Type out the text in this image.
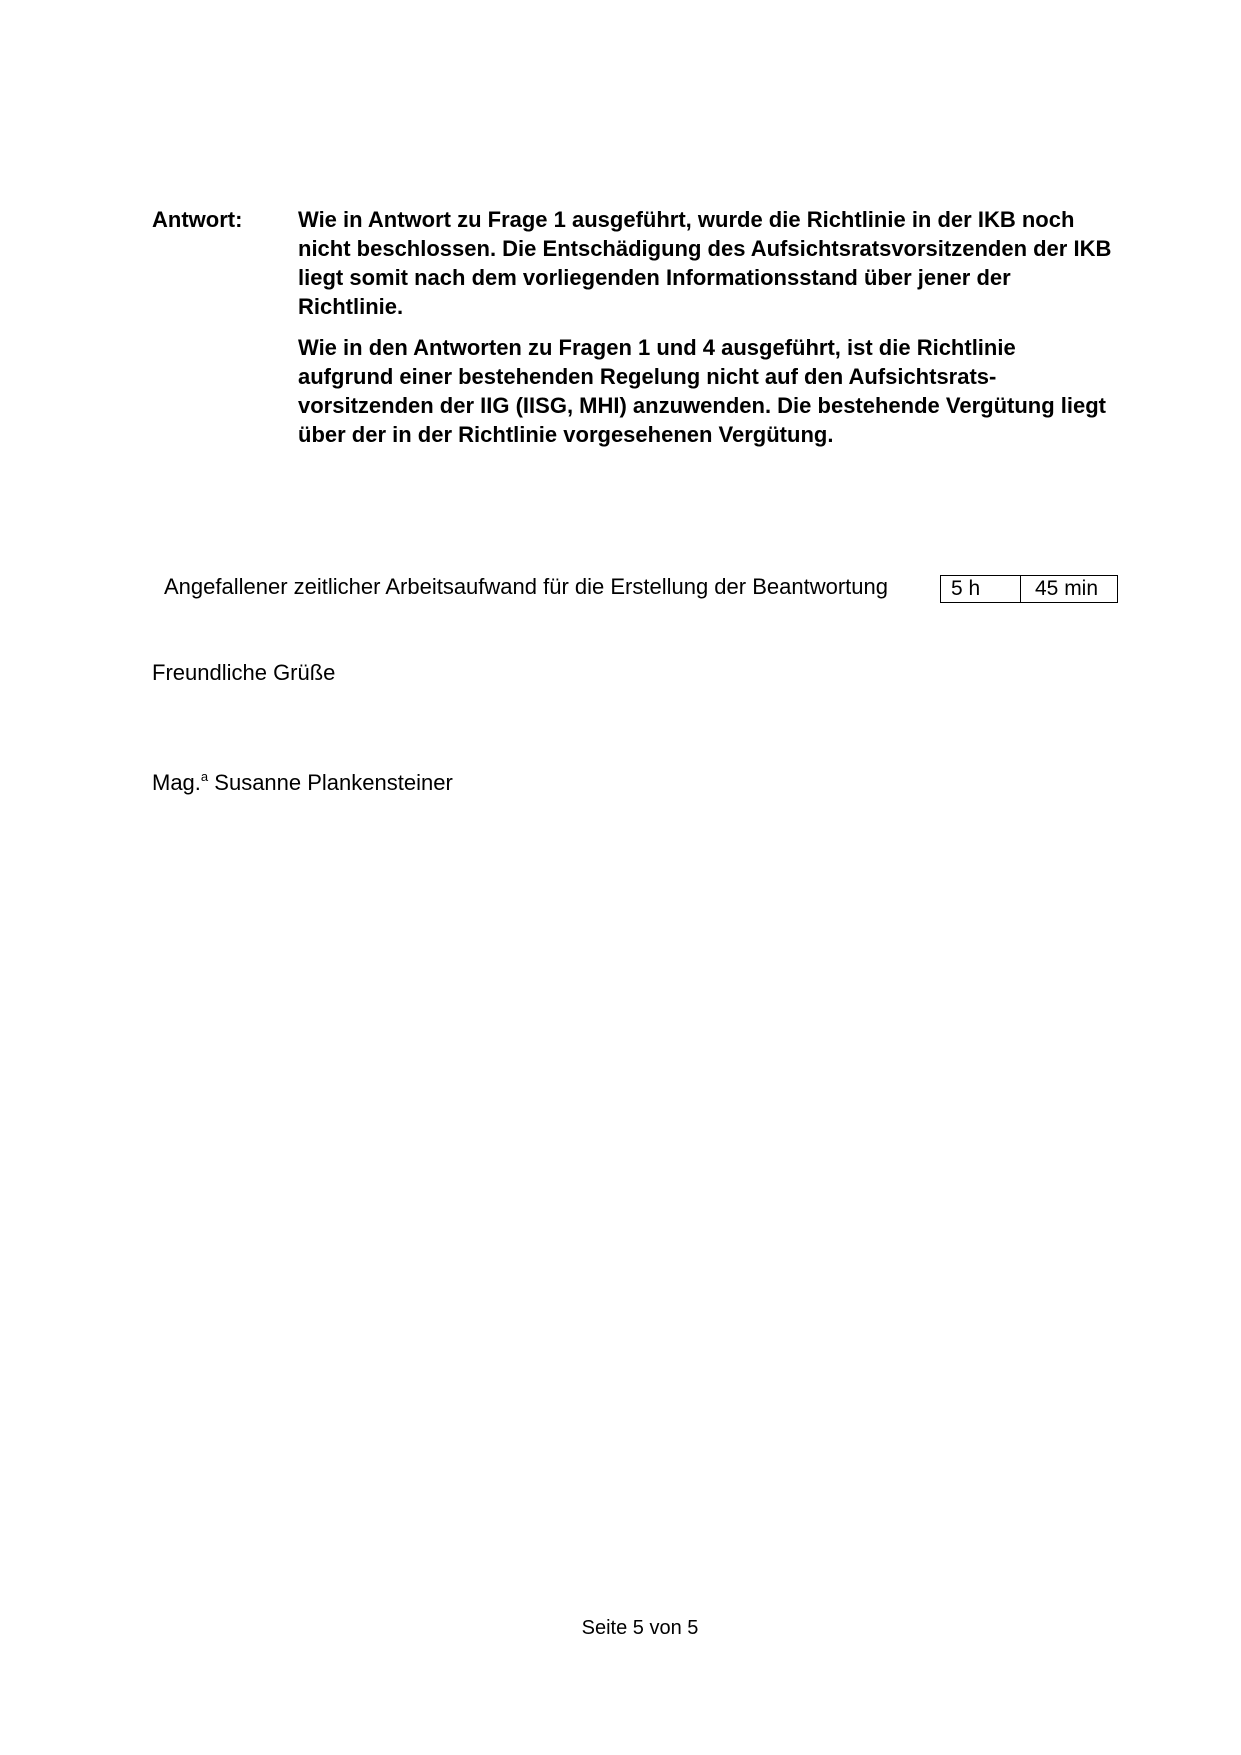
Antwort:	Wie in Antwort zu Frage 1 ausgeführt, wurde die Richtlinie in der IKB noch nicht beschlossen. Die Entschädigung des Aufsichtsratsvorsitzenden der IKB liegt somit nach dem vorliegenden Informationsstand über jener der Richtlinie.

Wie in den Antworten zu Fragen 1 und 4 ausgeführt, ist die Richtlinie aufgrund einer bestehenden Regelung nicht auf den Aufsichtsratsvorsitzenden der IIG (IISG, MHI) anzuwenden. Die bestehende Vergütung liegt über der in der Richtlinie vorgesehenen Vergütung.

Angefallener zeitlicher Arbeitsaufwand für die Erstellung der Beantwortung	5 h	45 min
Freundliche Grüße
Mag.$^a$ Susanne Plankensteiner
Seite 5 von 5
